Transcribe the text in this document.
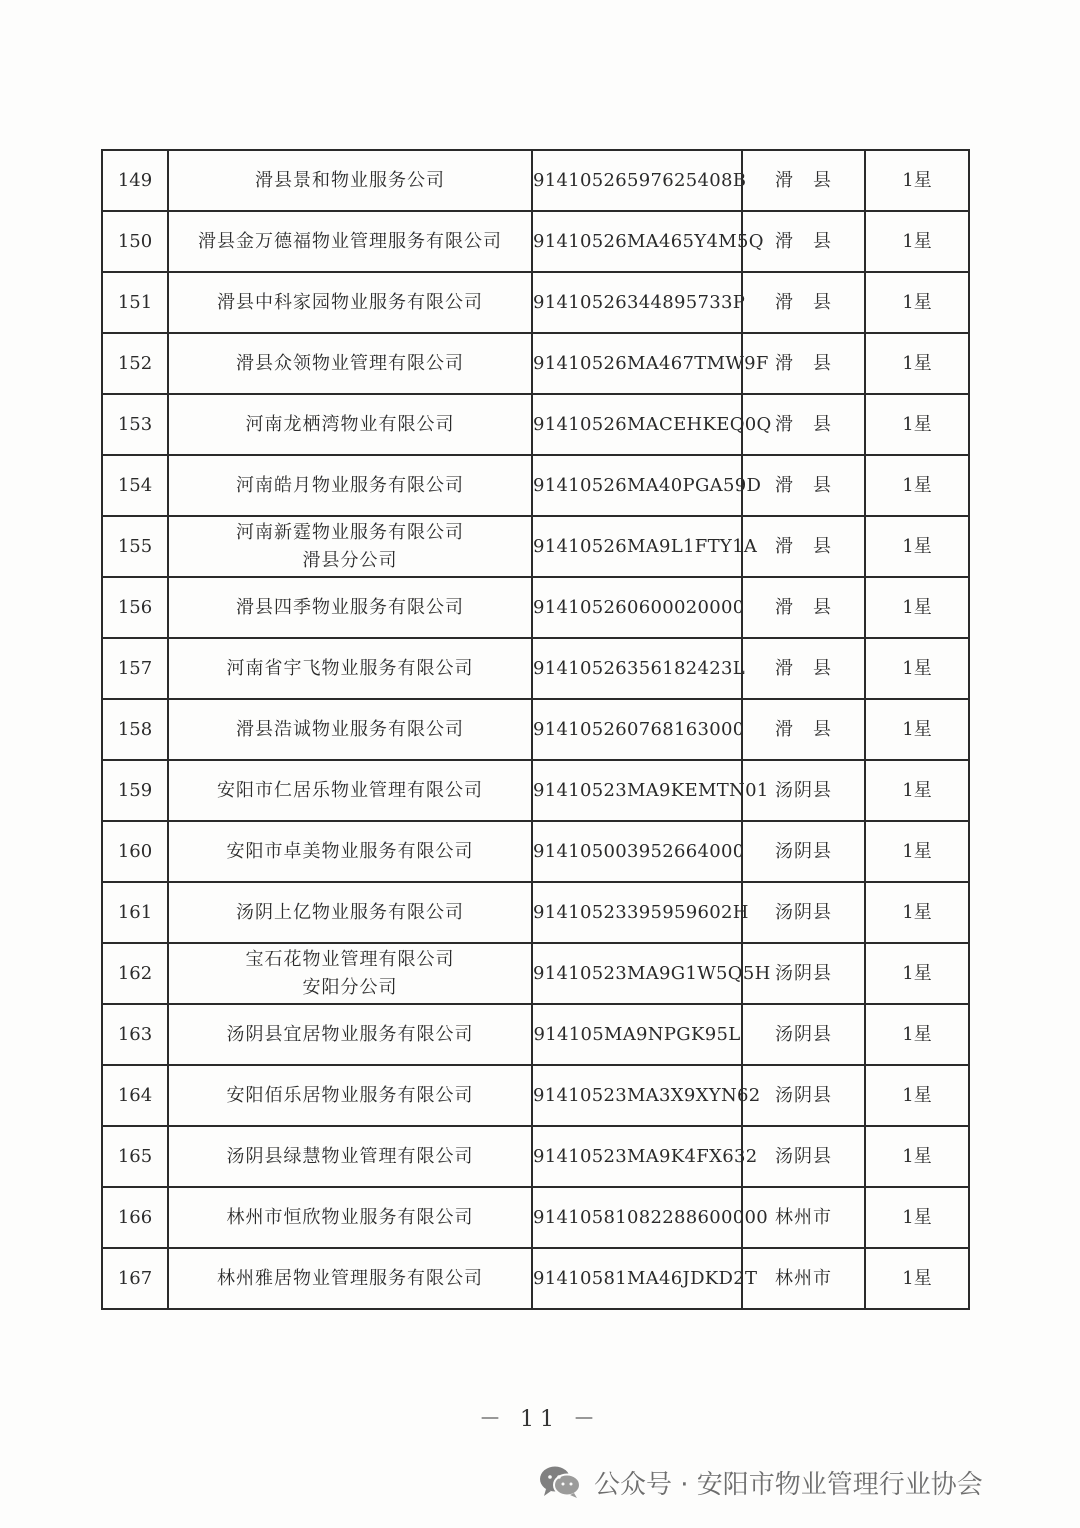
149	滑县景和物业服务公司	91410526597625408B	滑　县	1星
150	滑县金万德福物业管理服务有限公司	91410526MA465Y4M5Q	滑　县	1星
151	滑县中科家园物业服务有限公司	91410526344895733P	滑　县	1星
152	滑县众领物业管理有限公司	91410526MA467TMW9F	滑　县	1星
153	河南龙栖湾物业有限公司	91410526MACEHKEQ0Q	滑　县	1星
154	河南皓月物业服务有限公司	91410526MA40PGA59D	滑　县	1星
155	河南新霆物业服务有限公司
滑县分公司	91410526MA9L1FTY1A	滑　县	1星
156	滑县四季物业服务有限公司	914105260600020000	滑　县	1星
157	河南省宇飞物业服务有限公司	91410526356182423L	滑　县	1星
158	滑县浩诚物业服务有限公司	914105260768163000	滑　县	1星
159	安阳市仁居乐物业管理有限公司	91410523MA9KEMTN01	汤阴县	1星
160	安阳市卓美物业服务有限公司	914105003952664000	汤阴县	1星
161	汤阴上亿物业服务有限公司	91410523395959602H	汤阴县	1星
162	宝石花物业管理有限公司
安阳分公司	91410523MA9G1W5Q5H	汤阴县	1星
163	汤阴县宜居物业服务有限公司	914105MA9NPGK95L	汤阴县	1星
164	安阳佰乐居物业服务有限公司	91410523MA3X9XYN62	汤阴县	1星
165	汤阴县绿慧物业管理有限公司	91410523MA9K4FX632	汤阴县	1星
166	林州市恒欣物业服务有限公司	91410581082288600000	林州市	1星
167	林州雅居物业管理服务有限公司	91410581MA46JDKD2T	林州市	1星
－ 11 －
公众号 · 安阳市物业管理行业协会
